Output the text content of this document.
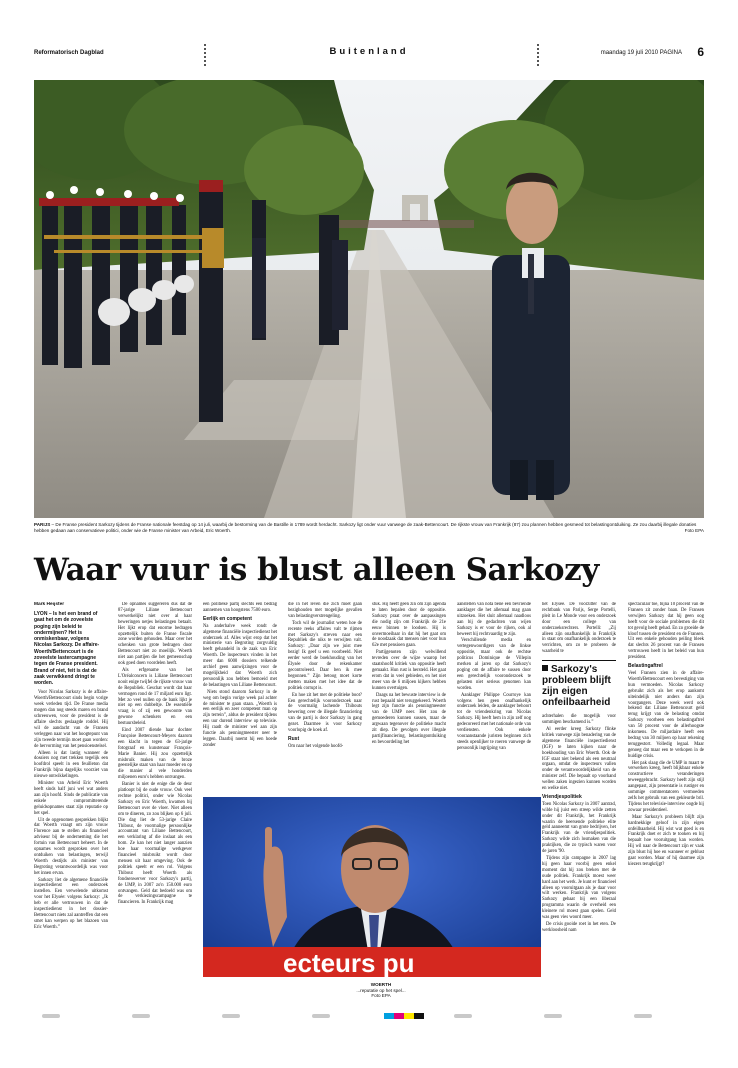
Reformatorisch Dagblad	Buitenland	maandag 19 juli 2010 PAGINA 6
PARIJS – De Franse president Sarkozy tijdens de Franse nationale feestdag op 14 juli, waarbij de bestorming van de Bastille in 1789 wordt herdacht. Sarkozy ligt onder vuur vanwege de zaak-Bettencourt. De rijkste vrouw van Frankrijk (87) zou plannen hebben gesmeed tot belastingontduiking. Ze zou daarbij illegale donaties hebben gedaan aan conservatieve politici, onder wie de Franse minister van Arbeid, Eric Woerth.	Foto EPA
Waar vuur is blust alleen Sarkozy
Mark Heijster

LYON – Is het een brand of gaat het om de zoveelste poging zijn beleid te ondermijnen? Het is onmiskenbaar, volgens Nicolas Sarkozy. De affaire-Woerth/Bettencourt is de zoveelste lastercampagne tegen de Franse president. Brand of niet, feit is dat de zaak verwikkend dringt te worden.

Voor Nicolas Sarkozy is de affaire-Woerth/Bettencourt sinds begin vorige week verleden tijd. De Franse media mogen dan nog steeds maren en brand schreeuwen, voor de president is de affaire slechts geslaagde roddel. Hij wil de aandacht van de Fransen verleggen naar wat het hoogtepunt van zijn tweede termijn moet gaan worden: de hervorming van het pensioenstelsel.

Alleen is dat lastig wanneer de dossiers nog met trekken tegelijk een hoofdrol speelt in een feuilleton dat Frankrijk bijna dagelijks voorziet van nieuwe ontwikkelingen.

Minister van Arbeid Eric Woerth heeft sinds half juni wel wat anders aan zijn hoofd. Sinds de publicatie van enkele compromitterende geluidsopnames staat zijn reputatie op het spel.

Uit de opgenomen gesprekken blijkt dat Woerth vraagt om zijn vrouw Florence aan te stellen als financieel adviseur bij de onderneming die het fortuin van Bettencourt beheert. In de opnames wordt gesproken over het ontduiken van belastingen, terwijl Woerth destijds als minister van Begroting verantwoordelijk was voor het innen ervan.

Sarkozy liet de algemene financiële inspectiedienst een onderzoek instellen. Een verwelende uitkomst voor het Elysée: volgens Sarkozy: „Ik heb er alle vertrouwen in dat de inspectiedienst in het dossier-Bettencourt niets zal aantreffen dat een smet kan werpen op het blazoen van Eric Woerth.”

De opnames suggereren dus dat de 87-jarige Liliane Bettencourt verwerkelijkt niet over al haar beweringen netjes belastingen betaalt. Het lijkt erop dat enorme bedragen opzettelijk buiten de Franse fiscale zone worden gehouden. Maar over het schenken van grote bedragen door Bettencourt niet zo moeilijk. Woerth niet aan partijen die het gemeenschap ook goed doen voordelen heeft.

Als erfgename van het L'Oréalconcern is Liliane Bettencourt nooit enige twijfel de rijkste vrouw van de Republiek. Geschat wordt dat haar vermogen rond de 17 miljard euro ligt. Met zo veel nullen op de bank lijkt je niet op een dubbeltje. De essentiële vraag is of zij een gewoonte van gewone schenkers en een bestuursbeleid.

Eind 2007 diende haar dochter Françoise Bettencourt-Meyers daarom een klacht in tegen de 63-jarige fotograaf en kunstenaar François-Marie Banier. Hij zou opzettelijk misbruik maken van de broze geestelijke staat van haar moeder en op die manier al vele honderden miljoenen euro's hebben ontvangen.

Banier is niet de enige die de deur platloopt bij de oude vrouw. Ook veel rechtse politici, onder wie Nicolas Sarkozy en Eric Woerth, kwamen bij Bettencourt over de vloer. Niet alleen om te dineren, zo zou blijken op 6 juli. Die dag liet de 53-jarige Claire Thibout, de voormalige persoonlijke accountant van Liliane Bettencourt, een verklaring af die inslaat als een bom. Ze kan het niet langer aanzien hoe haar voormalige werkgever financieel misbruikt wordt door mensen uit haar omgeving. Ook de politiek speelt er een rol. Volgens Thibout heeft Woerth als fondsenwerver voor Sarkozy's partij, de UMP, in 2007 zo'n 150.000 euro ontvangen. Geld dat bedoeld was om de verkiezingscampagne te financieren. In Frankrijk mag

een politieke partij slechts een bedrag aannemen van hoogstens 7500 euro.

Eerlijk en competent

Na anderhalve week rondt de algemene financiële inspectiedienst het onderzoek af. Alles wijst erop dat het ministerie van Begroting zorgvuldig heeft gehandeld in de zaak van Eric Woerth. De inspecteurs vinden in het meer dan 6000 dossiers telkende archief geen aanwijzingen voor de mogelijkheid dat Woerth zich persoonlijk zou hebben bemoeid met de belastingen van Liliane Bettencourt.

Niets stond daarom Sarkozy in de weg om begin vorige week pal achter de minister te gaan staan. „Woerth is een eerlijk en zeer competent man op zijn terrein”, aldus de president tijdens een uur durend interview op televisie. Hij raadt de minister wel aan zijn functie als penningmeester neer te leggen. Daarbij noemt hij een hoede zonder

die in het leven die zich moet gaan bezighouden met mogelijke gevallen van belastingverstrengeling.

Toch wil de journalist weten hoe de recente reeks affaires valt te rijmen met Sarkozy's streven naar een Republiek die niks te verwijten valt. Sarkozy: „Daar zijn we juist mee bezig! Ik geef u een voorbeeld. Niet eerder werd de boekhouding van het Élysée door de rekenkamer gecontroleerd. Daar ben ik mee begonnen.” Zijn betoog moet korte metten maken met het idee dat de politiek corrupt is.

En hoe zit het met de politieke boot? Een gerechtelijk vooronderzoek naar de voormalig lachende Thibouts bewering over de illegale financiering van de partij is door Sarkozy in gang gezet. Daarmee is voor Sarkozy voorlopig de koek af.

Rust

Om naar het volgende hoofd-

stuk. Hij heeft geen zin om zijn agenda te laten bepalen door de oppositie. Sarkozy praat over de aanpassingen die nodig zijn om Frankrijk de 21e eeuw binnen te loodsen. Hij is onvermoeibaar in dat hij het gaat om de noodzaak dat mensen niet voor hun 62e met pensioen gaan.

Partijgenoten zijn welwillend tevreden over de wijze waarop het staatshoofd kritiek van oppositie heeft gemaakt. Hun rust is hersteld. Het gaat erom dat in veel gebieden, en het niet meer van de 6 miljoen kijkers hebben kunnen overtuigen.

Daags na het bewuste interview is de rust bepaald niet teruggekeerd. Woerth legt zijn functie als penningmeester van de UMP neer. Het zou de gemoederen kunnen sussen, maar de argwaan tegenover de politieke macht zit diep. De gevolgen over illegale partijfinanciering, belastingontduiking en bevoordeling het

aanstellen van nota bene een bevriende aanklager die het allemaal mag gaan uitzoeken. Het sluit allemaal naadloos aan bij de gedachten van wijen Sarkozy is er voor de rijken, ook al beweert hij rechtvaardig te zijn.

Verschillende media en vertegenwoordigers van de linkse oppositie, maar ook de rechtse politicus Dominique de Villepin merken al jaren op dat Sarkozy's poging om de affaire te sussen door een gerechtelijk vooronderzoek te gelasten niet serieus genomen kan worden.

Aanklager Philippe Courroye kan volgens hen geen onafhankelijk onderzoek leiden, de aanklager behoort tot de vriendenkring van Nicolas Sarkozy. Hij heeft hem in zijn zelf nog gedecoreerd met het nationale orde van verdiensten. Ook enkele vooraanstaande juristen beginnen zich steeds openlijker te roeren vanwege de persoonlijk ingrijping van

het Élysée. De voorzitter van de rechtbank van Parijs, Serge Portelli, pleit in Le Monde voor een onderzoek door een college van onderzoeksrechters. Portelli: „Zij alleen zijn onafhankelijk in Frankrijk in staat om onafhankelijk onderzoek te verrichten, om zo te proberen de waarheid te

Sarkozy's probleem blijft zijn eigen onfeilbaarheid

achterhalen die mogelijk voor sommigen beschamend is.”

Al eerder kreeg Sarkozy flinke kritiek vanwege zijn benadering van de algemene financiële inspectiedienst (IGF) te laten kijken naar de boekhouding van Eric Woerth. Ook de IGF staat niet bekend als een neutraal orgaan, omdat de inspecteurs vallen onder de verantwoordelijkheid van de minister zelf. Die bepaalt op voorhand wellen zaken ingeziеn kunnen worden en welke niet.

Vriendjespolitiek

Toen Nicolas Sarkozy in 2007 aantrad, wilde hij juist een streep wilde zetten onder dit Frankrijk, het Frankrijk waarin de heersende politieke elite geld aanneemt van grote bedrijven, het Frankrijk van de vriendjespolitiek. Sarkozy wilde zich losmaken van die praktijken, die zo typisch waren voor de jaren '90.

Tijdens zijn campagne in 2007 lag hij geen haar voorbij geen enkel moment dat hij zou breken met de oude politiek. Frankrijk moest weer hard aan het werk. Je kunt er financieel alleen op vooruitgaan als je daar voor wilt werken. Frankrijk van volgens Sarkozy gebaat bij een liberaal programma waarin de overheid een kleinere rol moest gaan spelen. Geld was geen vies woord meer.

De crisis gooide roet in het eten. De werkloosheid nam

spectaculair toe, bijna 10 procent van de Fransen zit zonder baan. De Fransen verwijten Sarkozy dat hij geen oog heeft voor de sociale problemen die dit tot gevolg heeft gehad. En zo groeide de kloof tussen de president en de Fransen. Uit een enkele gehouden peiling bleek dat slechts 26 procent van de Fransen vertrouwen heeft in het beleid van hun president.

Belastingaftrel

Veel Fransen zien in de affaire-Woerth/Bettencourt een bevestiging van hun vermoeden. Nicolas Sarkozy gebruikt zich als het erop aankomt uiteindelijk niet anders dan zijn voorgangers. Deze week werd ook bekend dat Liliane Bettencourt geld terug krijgt van de belasting omdat Sarkozy voorheen een belastingaftrel van 50 procent voor de allerhoogste inkomens. De miljardaire heeft een bedrag van 30 miljoen op haar rekening teruggestort. Volledig legaal. Maar genoeg dat maar een te verkopen in de huidige crisis.

Het pak slaag die de UMP in maart te verwerken kreeg, heeft blijkbaar enkele constructieve veranderingen teweeggebracht. Sarkozy heeft zijn stijl aangepast, zijn presentatie is rustiger en sommige commentatoren vermoeden zelfs het gebruik van een gekleurde bril. Tijdens het televisie-interview oogde hij zowaar presidentieel.

Maar Sarkozy's probleem blijft zijn hardnekkige geloof in zijn eigen onfeilbaarheid. Hij wist wat goed is en Frankrijk doet er zich te tooken en hij bepaalt hoe vooruitgang kan worden. Hij wil naar de Bettencourt zijn er vaak zijn blust hij hoe en wanneer er geblust gaat worden. Maar of hij daarmee zijn kiezers terugkrijgt?

ecteurs pu
WOERTH
...reputatie op het spel...
Foto EPA
